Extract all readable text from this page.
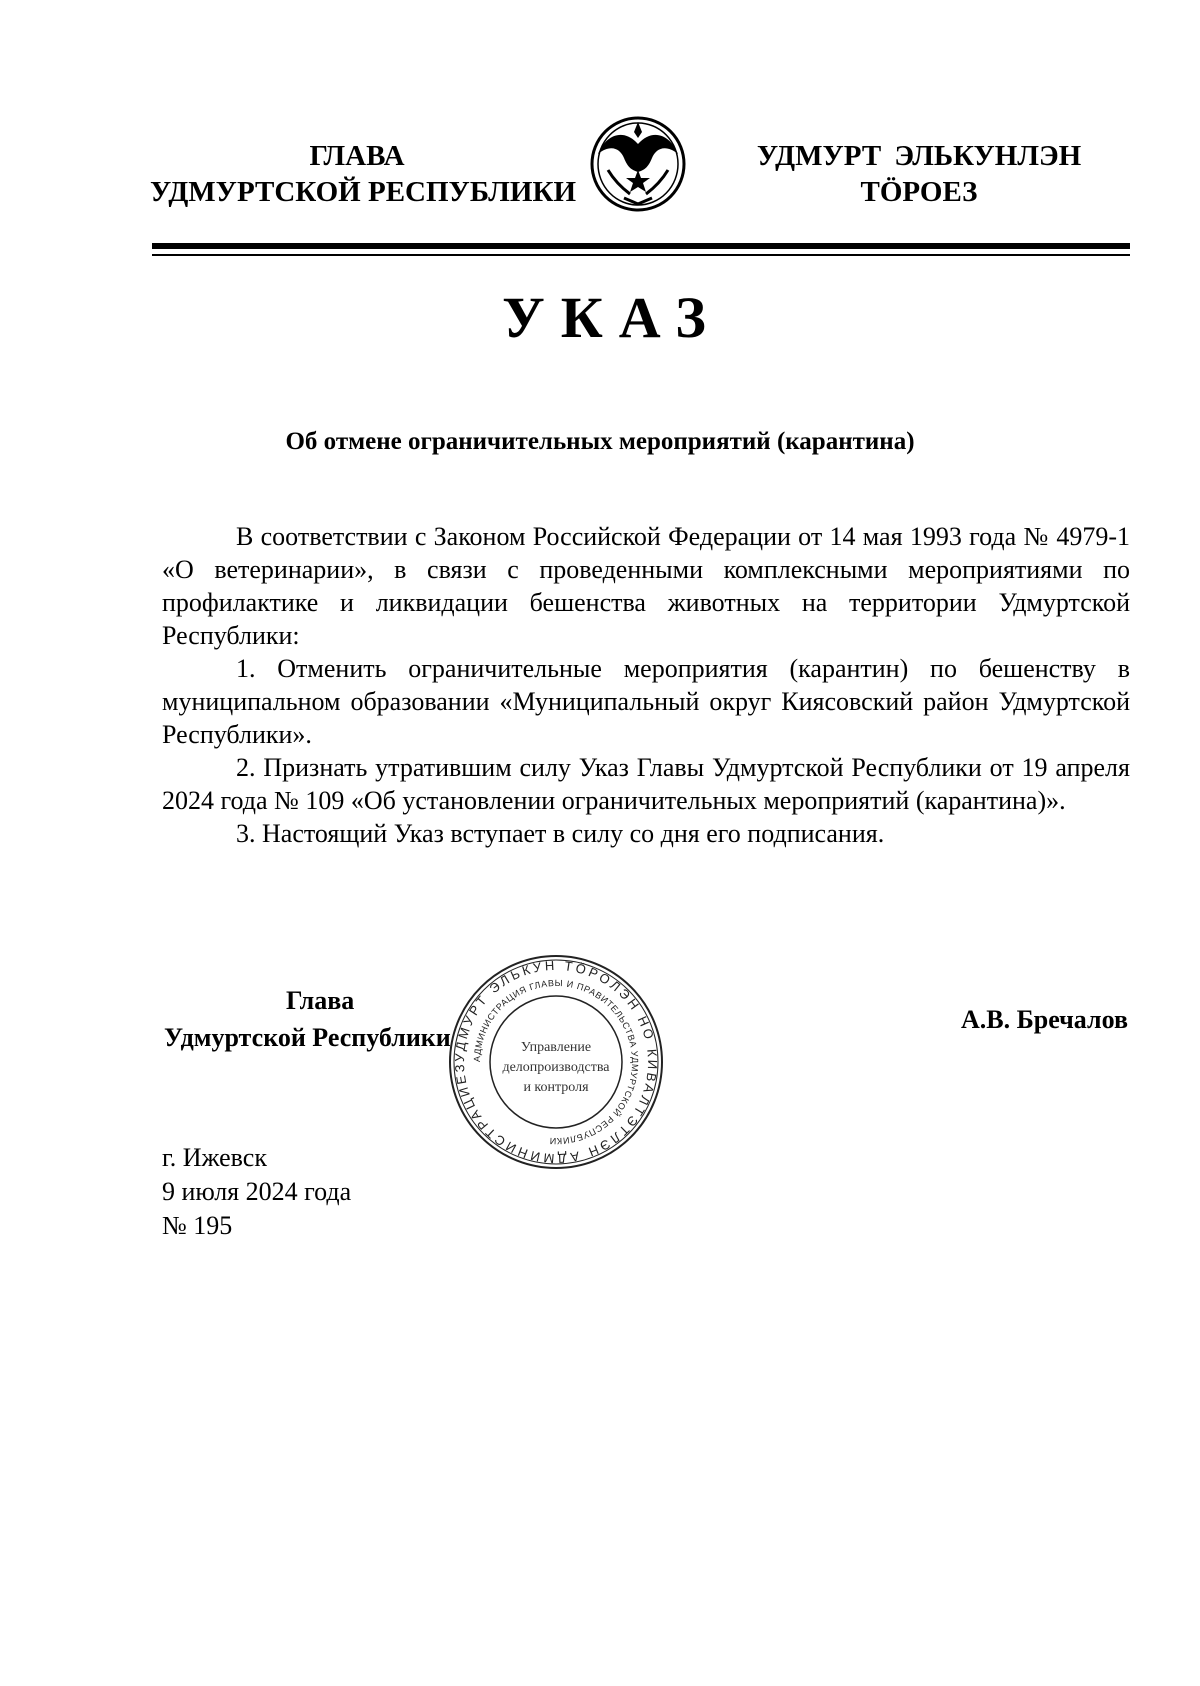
ГЛАВА
УДМУРТСКОЙ РЕСПУБЛИКИ
УДМУРТ ЭЛЬКУНЛЭН
ТӦРОЕЗ
УКАЗ
Об отмене ограничительных мероприятий (карантина)

В соответствии с Законом Российской Федерации от 14 мая 1993 года № 4979-1 «О ветеринарии», в связи с проведенными комплексными мероприятиями по профилактике и ликвидации бешенства животных на территории Удмуртской Республики:

1. Отменить ограничительные мероприятия (карантин) по бешенству в муниципальном образовании «Муниципальный округ Киясовский район Удмуртской Республики».

2. Признать утратившим силу Указ Главы Удмуртской Республики от 19 апреля 2024 года № 109 «Об установлении ограничительных мероприятий (карантина)».

3. Настоящий Указ вступает в силу со дня его подписания.

Глава
Удмуртской Республики
УДМУРТ ЭЛЬКУН ТӦРОЛЭН НО КИВАЛТЭТЛЭН АДМИНИСТРАЦИЕЗ
АДМИНИСТРАЦИЯ ГЛАВЫ И ПРАВИТЕЛЬСТВА УДМУРТСКОЙ РЕСПУБЛИКИ
Управление
делопроизводства
и контроля
А.В. Бречалов
г. Ижевск
9 июля 2024 года
№ 195
